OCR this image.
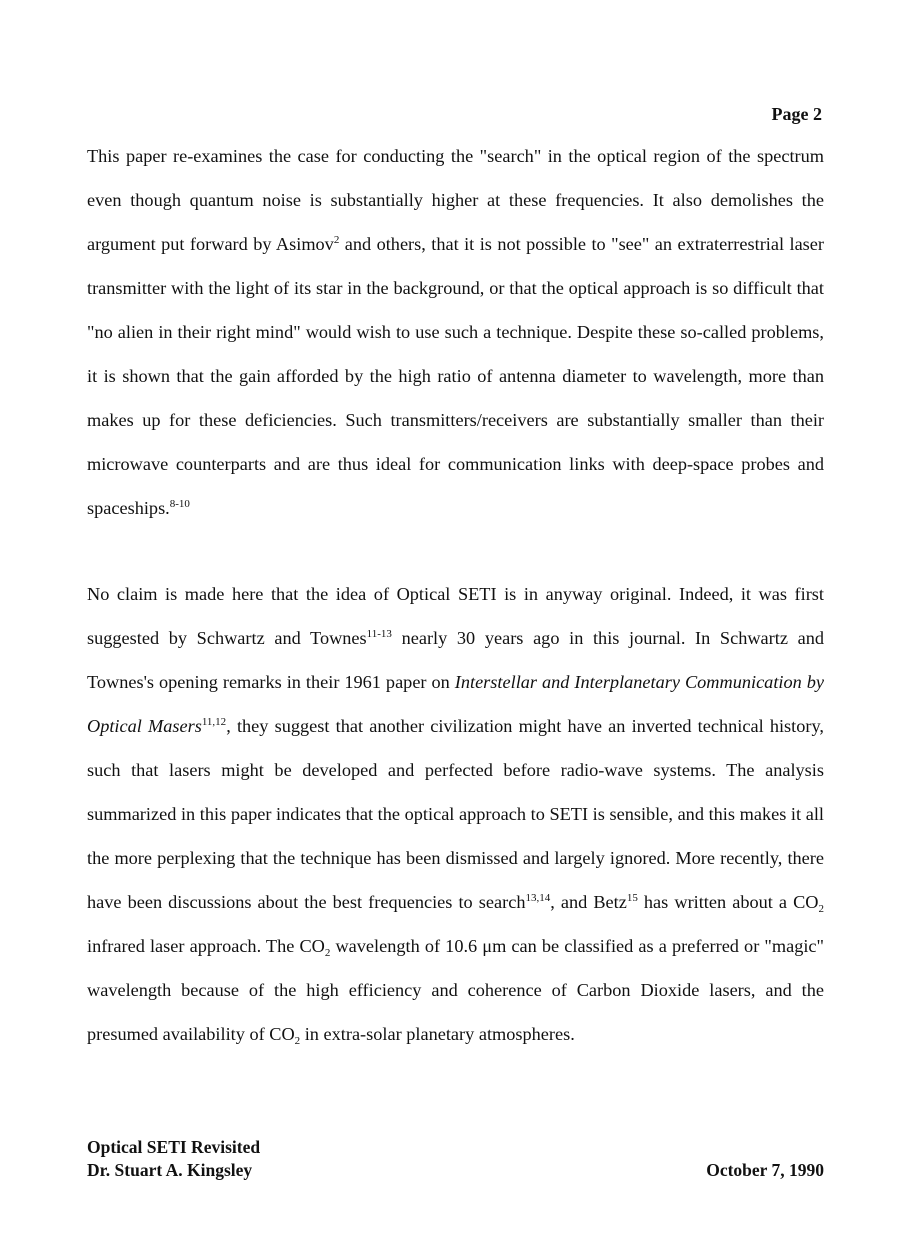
Page 2

This paper re-examines the case for conducting the "search" in the optical region of the spectrum even though quantum noise is substantially higher at these frequencies. It also demolishes the argument put forward by Asimov$^2$ and others, that it is not possible to "see" an extraterrestrial laser transmitter with the light of its star in the background, or that the optical approach is so difficult that "no alien in their right mind" would wish to use such a technique. Despite these so-called problems, it is shown that the gain afforded by the high ratio of antenna diameter to wavelength, more than makes up for these deficiencies. Such transmitters/receivers are substantially smaller than their microwave counterparts and are thus ideal for communication links with deep-space probes and spaceships.$^{8-10}$

No claim is made here that the idea of Optical SETI is in anyway original. Indeed, it was first suggested by Schwartz and Townes$^{11-13}$ nearly 30 years ago in this journal. In Schwartz and Townes's opening remarks in their 1961 paper on Interstellar and Interplanetary Communication by Optical Masers$^{11,12}$, they suggest that another civilization might have an inverted technical history, such that lasers might be developed and perfected before radio-wave systems. The analysis summarized in this paper indicates that the optical approach to SETI is sensible, and this makes it all the more perplexing that the technique has been dismissed and largely ignored. More recently, there have been discussions about the best frequencies to search$^{13,14}$, and Betz$^{15}$ has written about a $CO_2$ infrared laser approach. The $CO_2$ wavelength of 10.6 μm can be classified as a preferred or "magic" wavelength because of the high efficiency and coherence of Carbon Dioxide lasers, and the presumed availability of $CO_2$ in extra-solar planetary atmospheres.

Optical SETI Revisited
Dr. Stuart A. Kingsley	October 7, 1990
